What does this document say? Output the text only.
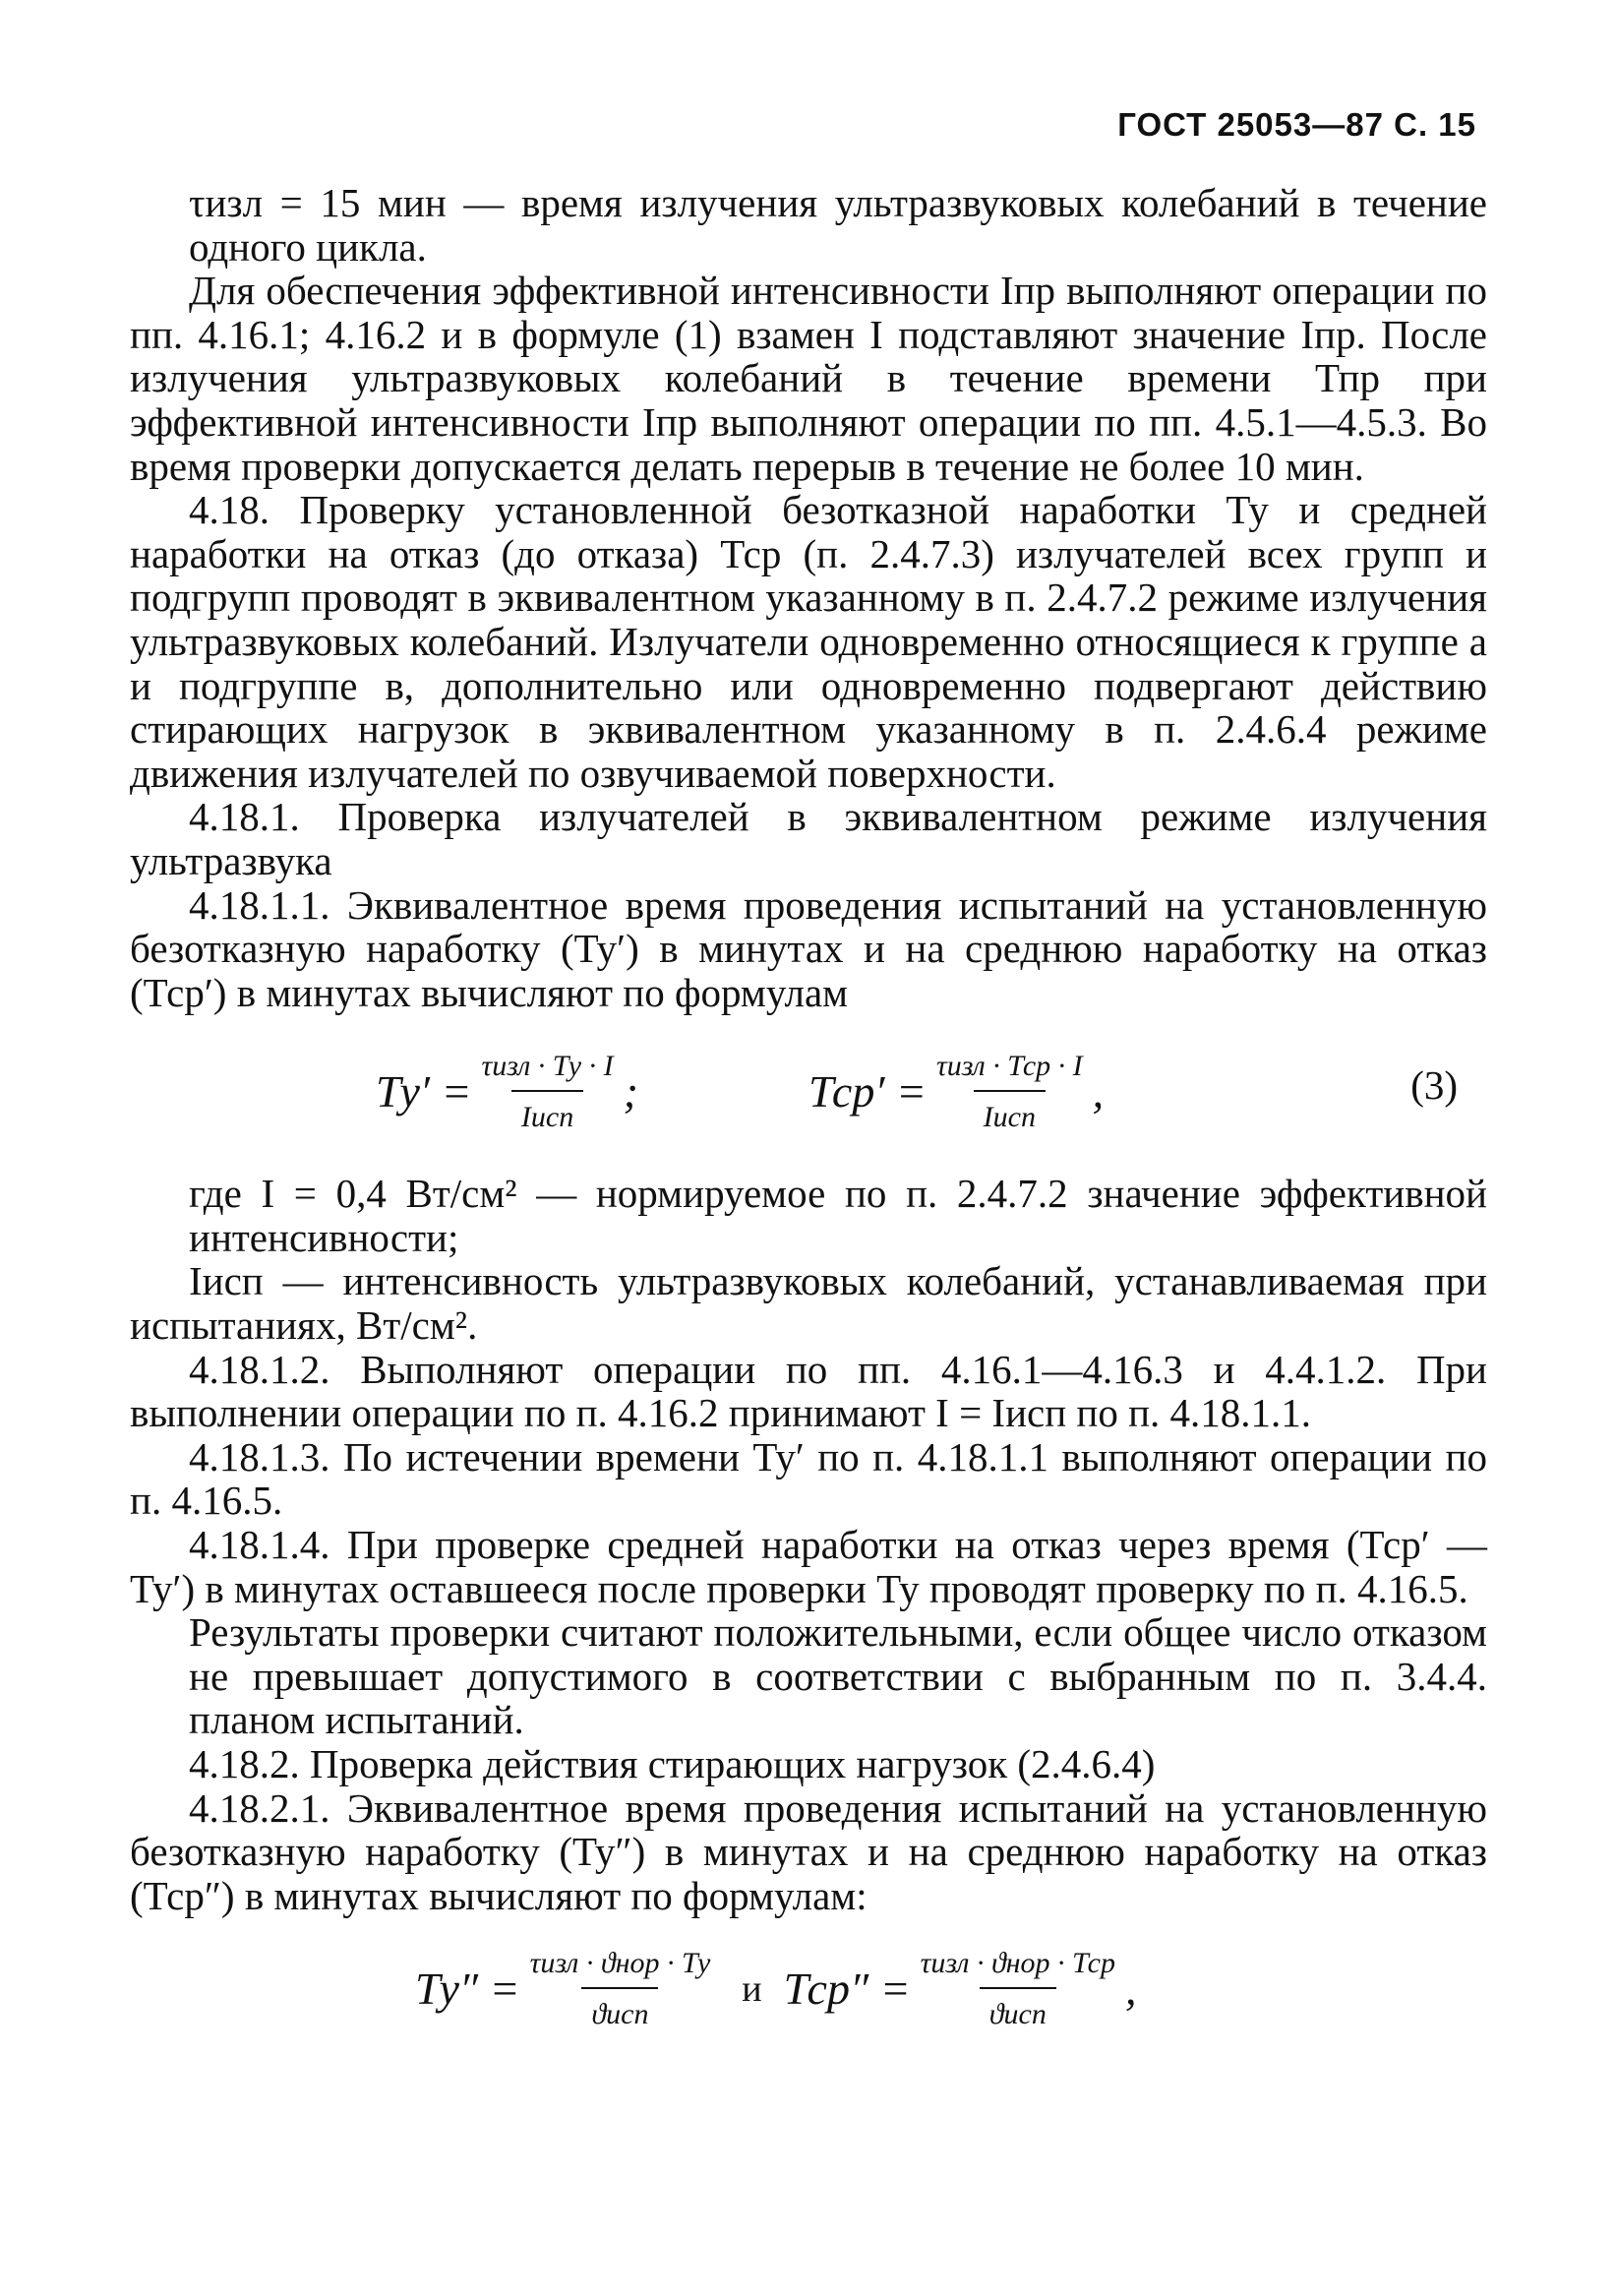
ГОСТ 25053—87 С. 15

τизл = 15 мин — время излучения ультразвуковых колебаний в течение одного цикла.

Для обеспечения эффективной интенсивности Iпр выполняют операции по пп. 4.16.1; 4.16.2 и в формуле (1) взамен I подставляют значение Iпр. После излучения ультразвуковых колебаний в течение времени Тпр при эффективной интенсивности Iпр выполняют операции по пп. 4.5.1—4.5.3. Во время проверки допускается делать перерыв в течение не более 10 мин.

4.18. Проверку установленной безотказной наработки Ту и средней наработки на отказ (до отказа) Тср (п. 2.4.7.3) излучателей всех групп и подгрупп проводят в эквивалентном указанному в п. 2.4.7.2 режиме излучения ультразвуковых колебаний. Излучатели одновременно относящиеся к группе а и подгруппе в, дополнительно или одновременно подвергают действию стирающих нагрузок в эквивалентном указанному в п. 2.4.6.4 режиме движения излучателей по озвучиваемой поверхности.

4.18.1. Проверка излучателей в эквивалентном режиме излучения ультразвука

4.18.1.1. Эквивалентное время проведения испытаний на установленную безотказную наработку (Ту′) в минутах и на среднюю наработку на отказ (Тср′) в минутах вычисляют по формулам

$Ту' = \frac{\text{τизл · Ту · I}}{\text{Iисп}}$ ;	$Тср' = \frac{\text{τизл · Тср · I}}{\text{Iисп}}$ ,	(3)

где I = 0,4 Вт/см² — нормируемое по п. 2.4.7.2 значение эффективной интенсивности;

Iисп — интенсивность ультразвуковых колебаний, устанавливаемая при испытаниях, Вт/см².

4.18.1.2. Выполняют операции по пп. 4.16.1—4.16.3 и 4.4.1.2. При выполнении операции по п. 4.16.2 принимают I = Iисп по п. 4.18.1.1.

4.18.1.3. По истечении времени Ту′ по п. 4.18.1.1 выполняют операции по п. 4.16.5.

4.18.1.4. При проверке средней наработки на отказ через время (Тср′ — Ту′) в минутах оставшееся после проверки Ту проводят проверку по п. 4.16.5.

Результаты проверки считают положительными, если общее число отказом не превышает допустимого в соответствии с выбранным по п. 3.4.4. планом испытаний.

4.18.2. Проверка действия стирающих нагрузок (2.4.6.4)

4.18.2.1. Эквивалентное время проведения испытаний на установленную безотказную наработку (Ту″) в минутах и на среднюю наработку на отказ (Тср″) в минутах вычисляют по формулам:

$Ту'' = \frac{\text{τизл · ϑнор · Ту}}{\text{ϑисп}}$ и $Тср'' = \frac{\text{τизл · ϑнор · Тср}}{\text{ϑисп}}$ ,
